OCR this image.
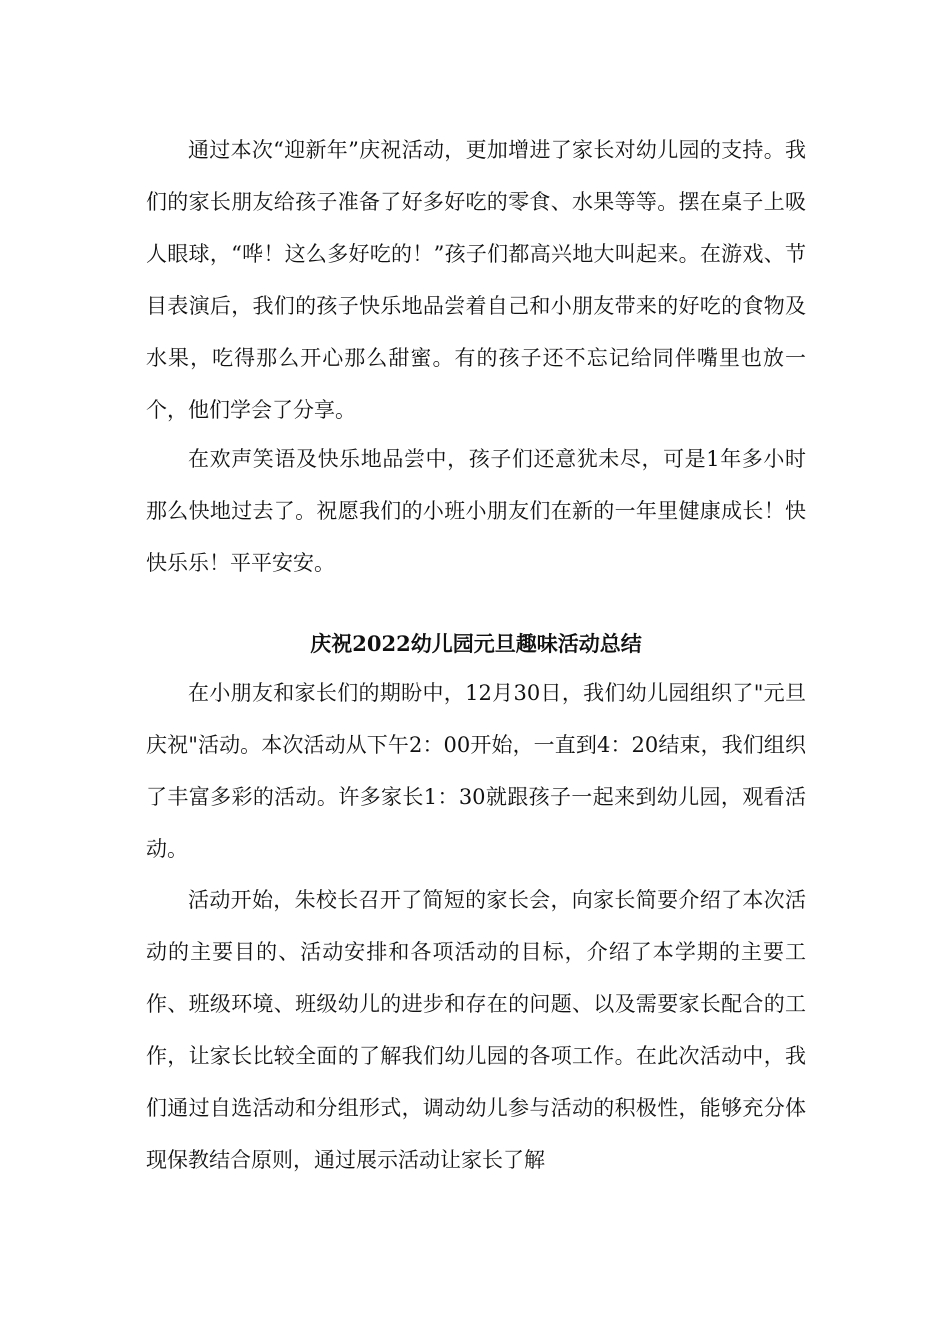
通过本次“迎新年”庆祝活动，更加增进了家长对幼儿园的支持。我们的家长朋友给孩子准备了好多好吃的零食、水果等等。摆在桌子上吸人眼球，“哗！这么多好吃的！”孩子们都高兴地大叫起来。在游戏、节目表演后，我们的孩子快乐地品尝着自己和小朋友带来的好吃的食物及水果，吃得那么开心那么甜蜜。有的孩子还不忘记给同伴嘴里也放一个，他们学会了分享。

在欢声笑语及快乐地品尝中，孩子们还意犹未尽，可是1年多小时那么快地过去了。祝愿我们的小班小朋友们在新的一年里健康成长！快快乐乐！平平安安。

庆祝2022幼儿园元旦趣味活动总结

在小朋友和家长们的期盼中，12月30日，我们幼儿园组织了"元旦庆祝"活动。本次活动从下午2：00开始，一直到4：20结束，我们组织了丰富多彩的活动。许多家长1：30就跟孩子一起来到幼儿园，观看活动。

活动开始，朱校长召开了简短的家长会，向家长简要介绍了本次活动的主要目的、活动安排和各项活动的目标，介绍了本学期的主要工作、班级环境、班级幼儿的进步和存在的问题、以及需要家长配合的工作，让家长比较全面的了解我们幼儿园的各项工作。在此次活动中，我们通过自选活动和分组形式，调动幼儿参与活动的积极性，能够充分体现保教结合原则，通过展示活动让家长了解
